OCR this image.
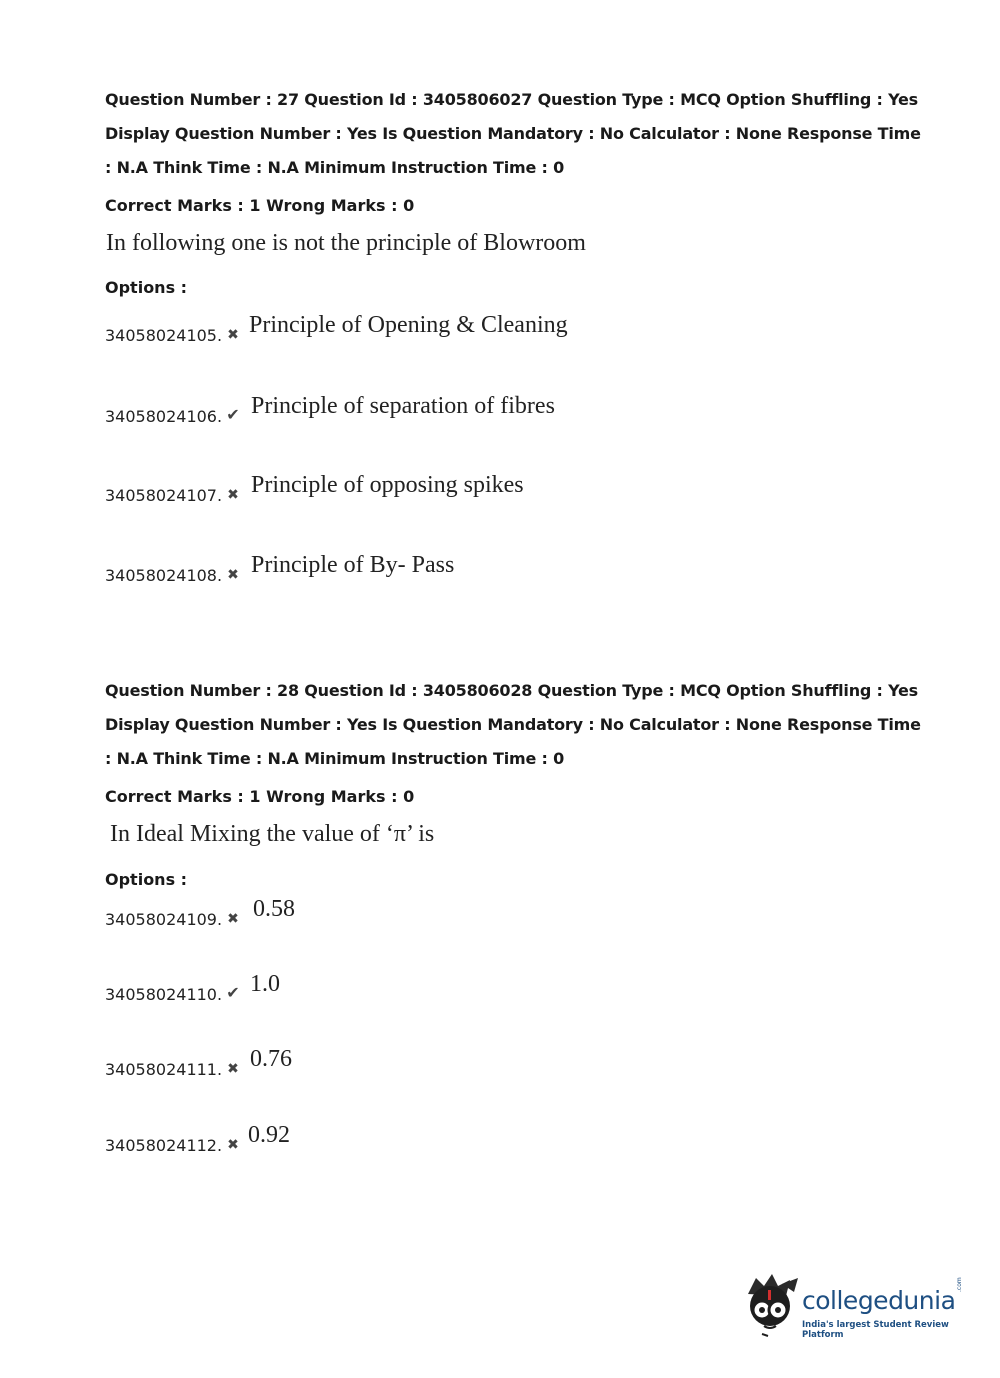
Question Number : 27 Question Id : 3405806027 Question Type : MCQ Option Shuffling : Yes Display Question Number : Yes Is Question Mandatory : No Calculator : None Response Time : N.A Think Time : N.A Minimum Instruction Time : 0
Correct Marks : 1 Wrong Marks : 0
In following one is not the principle of Blowroom
Options :
34058024105. ✖ Principle of Opening & Cleaning
34058024106. ✔ Principle of separation of fibres
34058024107. ✖ Principle of opposing spikes
34058024108. ✖ Principle of By- Pass
Question Number : 28 Question Id : 3405806028 Question Type : MCQ Option Shuffling : Yes Display Question Number : Yes Is Question Mandatory : No Calculator : None Response Time : N.A Think Time : N.A Minimum Instruction Time : 0
Correct Marks : 1 Wrong Marks : 0
In Ideal Mixing the value of ‘π’ is
Options :
34058024109. ✖ 0.58
34058024110. ✔ 1.0
34058024111. ✖ 0.76
34058024112. ✖ 0.92
collegedunia
.com
India's largest Student Review Platform
